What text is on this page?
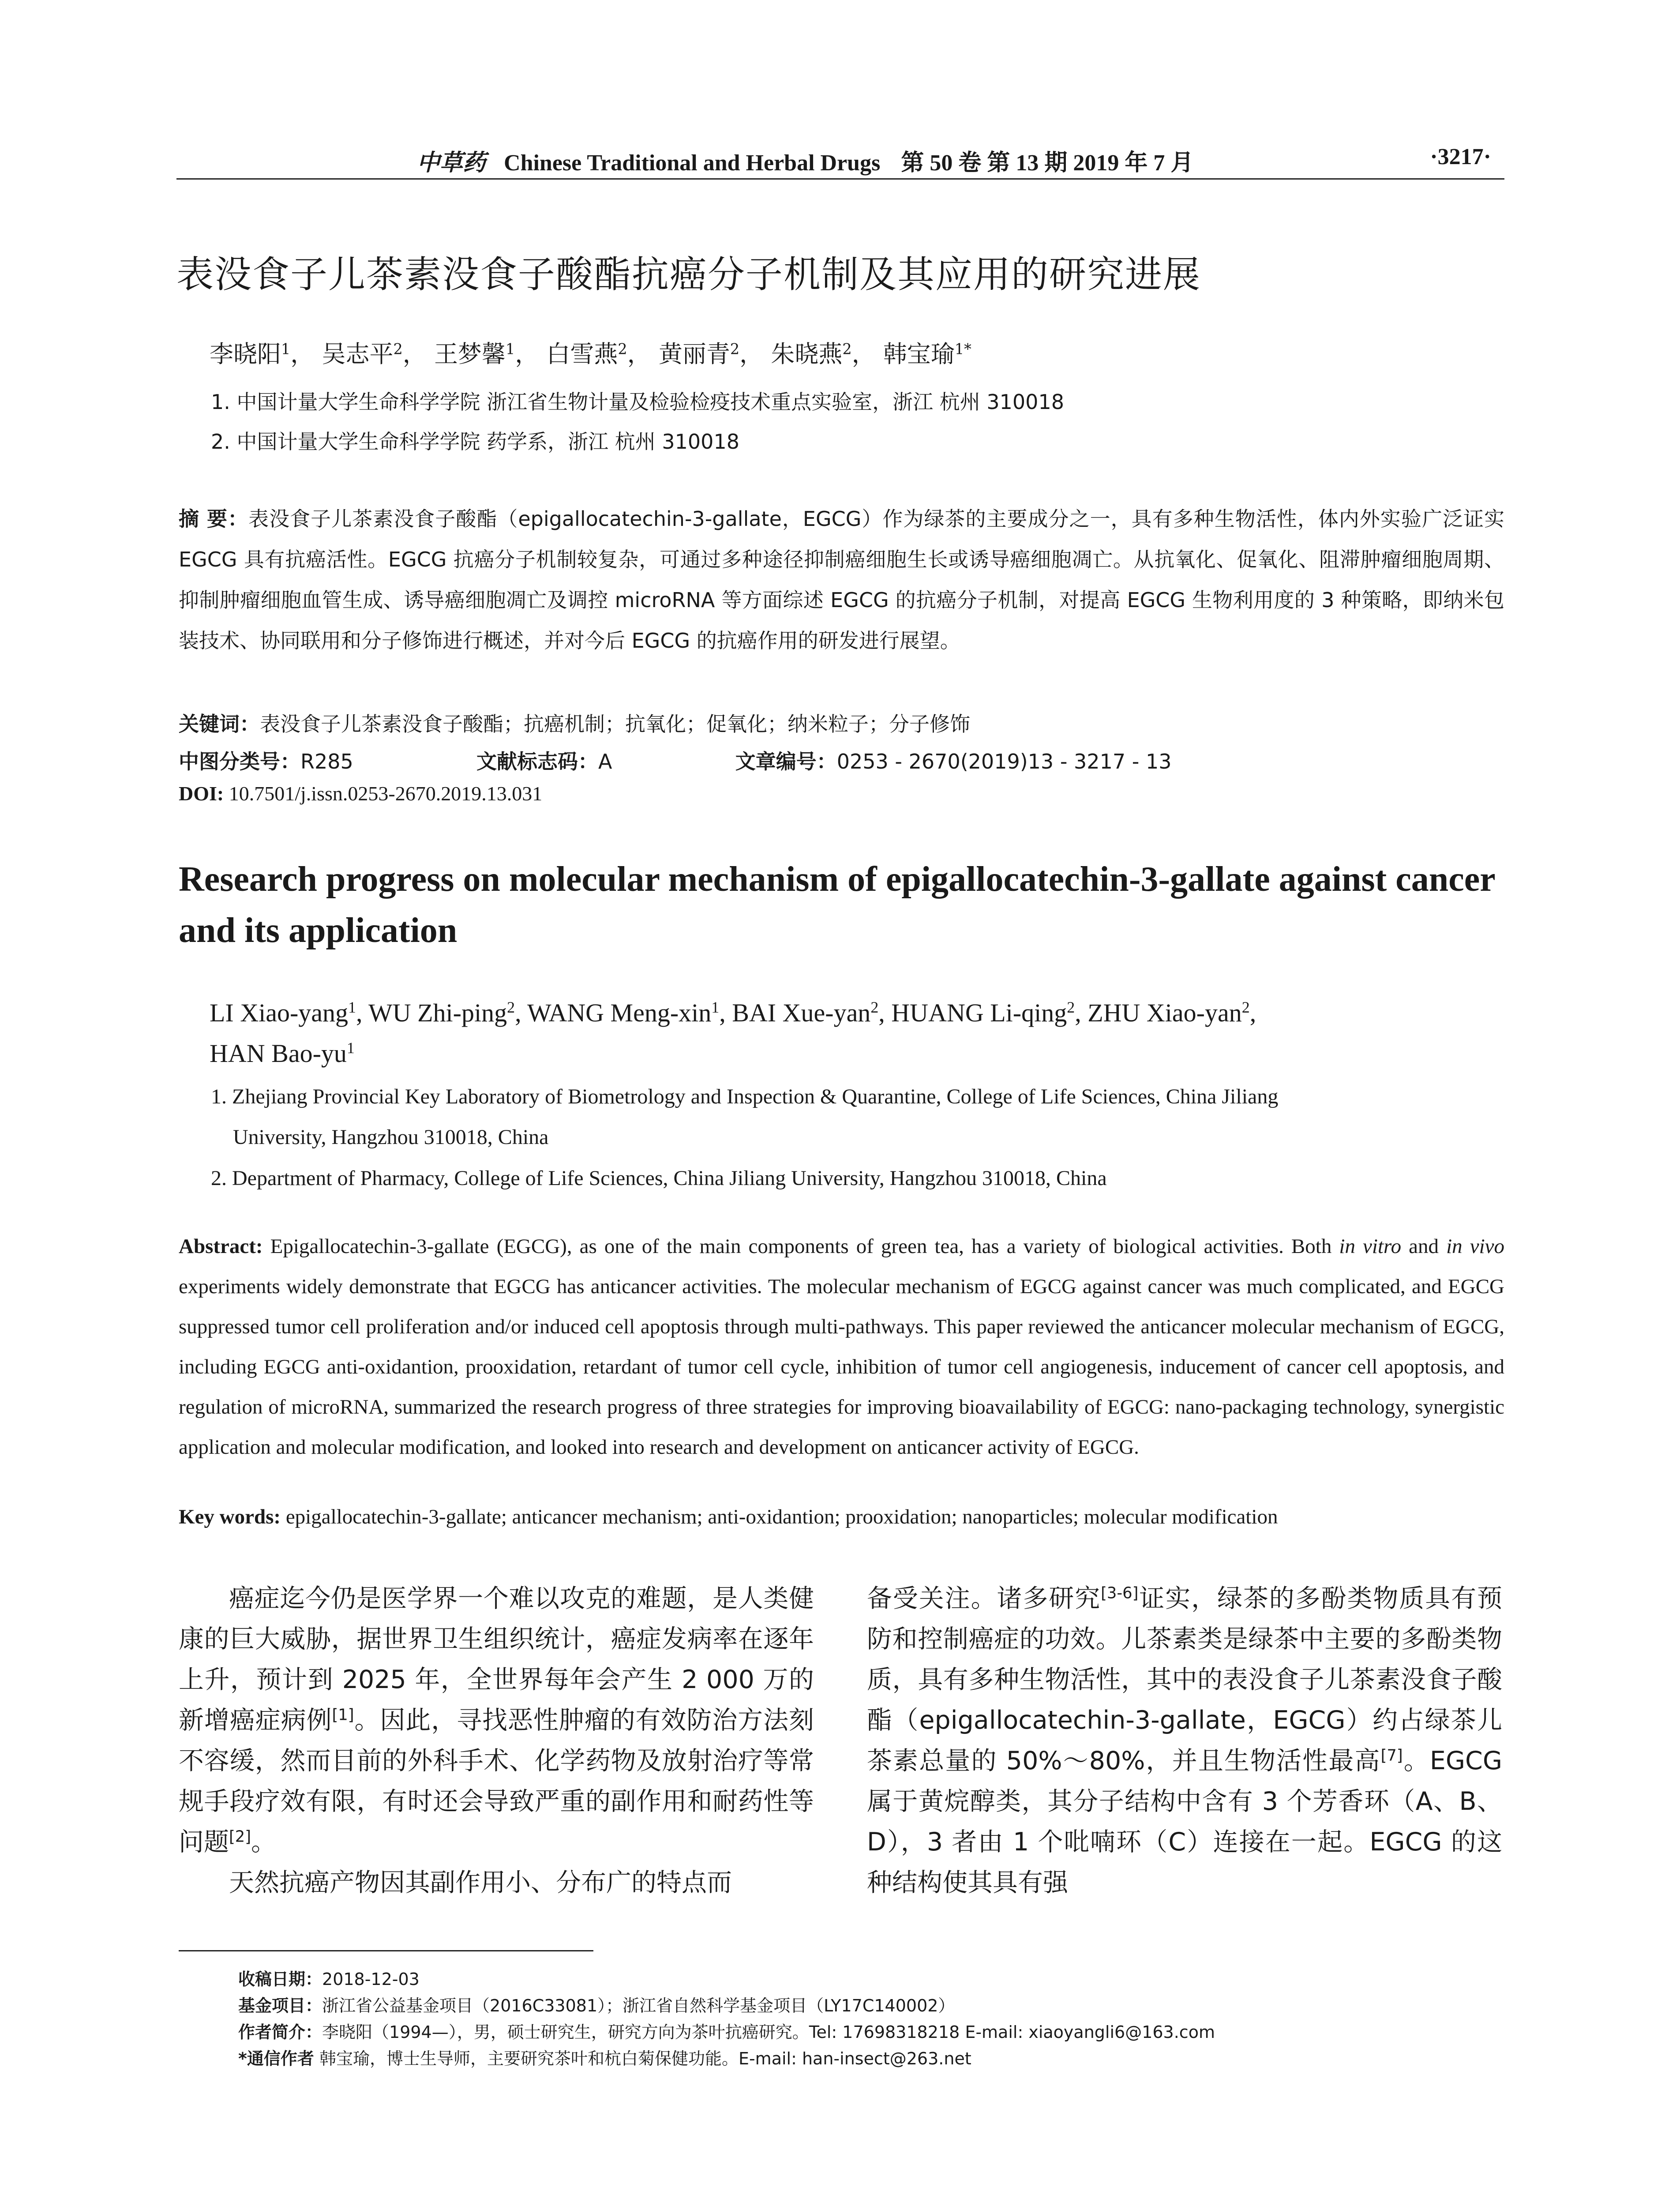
中草药 Chinese Traditional and Herbal Drugs 第 50 卷 第 13 期 2019 年 7 月	·3217·
表没食子儿茶素没食子酸酯抗癌分子机制及其应用的研究进展
李晓阳$^1$， 吴志平$^2$， 王梦馨$^1$， 白雪燕$^2$， 黄丽青$^2$， 朱晓燕$^2$， 韩宝瑜$^{1*}$
1. 中国计量大学生命科学学院 浙江省生物计量及检验检疫技术重点实验室，浙江 杭州 310018
2. 中国计量大学生命科学学院 药学系，浙江 杭州 310018
摘 要：表没食子儿茶素没食子酸酯（epigallocatechin-3-gallate，EGCG）作为绿茶的主要成分之一，具有多种生物活性，体内外实验广泛证实 EGCG 具有抗癌活性。EGCG 抗癌分子机制较复杂，可通过多种途径抑制癌细胞生长或诱导癌细胞凋亡。从抗氧化、促氧化、阻滞肿瘤细胞周期、抑制肿瘤细胞血管生成、诱导癌细胞凋亡及调控 microRNA 等方面综述 EGCG 的抗癌分子机制，对提高 EGCG 生物利用度的 3 种策略，即纳米包装技术、协同联用和分子修饰进行概述，并对今后 EGCG 的抗癌作用的研发进行展望。
关键词：表没食子儿茶素没食子酸酯；抗癌机制；抗氧化；促氧化；纳米粒子；分子修饰
中图分类号：R285	文献标志码：A	文章编号：0253 - 2670(2019)13 - 3217 - 13
DOI: 10.7501/j.issn.0253-2670.2019.13.031
Research progress on molecular mechanism of epigallocatechin-3-gallate against cancer and its application
LI Xiao-yang$^1$, WU Zhi-ping$^2$, WANG Meng-xin$^1$, BAI Xue-yan$^2$, HUANG Li-qing$^2$, ZHU Xiao-yan$^2$,
HAN Bao-$yu^1$
1. Zhejiang Provincial Key Laboratory of Biometrology and Inspection & Quarantine, College of Life Sciences, China Jiliang
University, Hangzhou 310018, China
2. Department of Pharmacy, College of Life Sciences, China Jiliang University, Hangzhou 310018, China
Abstract: Epigallocatechin-3-gallate (EGCG), as one of the main components of green tea, has a variety of biological activities. Both in vitro and in vivo experiments widely demonstrate that EGCG has anticancer activities. The molecular mechanism of EGCG against cancer was much complicated, and EGCG suppressed tumor cell proliferation and/or induced cell apoptosis through multi-pathways. This paper reviewed the anticancer molecular mechanism of EGCG, including EGCG anti-oxidantion, prooxidation, retardant of tumor cell cycle, inhibition of tumor cell angiogenesis, inducement of cancer cell apoptosis, and regulation of microRNA, summarized the research progress of three strategies for improving bioavailability of EGCG: nano-packaging technology, synergistic application and molecular modification, and looked into research and development on anticancer activity of EGCG.
Key words: epigallocatechin-3-gallate; anticancer mechanism; anti-oxidantion; prooxidation; nanoparticles; molecular modification

癌症迄今仍是医学界一个难以攻克的难题，是人类健康的巨大威胁，据世界卫生组织统计，癌症发病率在逐年上升，预计到 2025 年，全世界每年会产生 2 000 万的新增癌症病例[1]。因此，寻找恶性肿瘤的有效防治方法刻不容缓，然而目前的外科手术、化学药物及放射治疗等常规手段疗效有限，有时还会导致严重的副作用和耐药性等问题[2]。

天然抗癌产物因其副作用小、分布广的特点而

备受关注。诸多研究[3-6]证实，绿茶的多酚类物质具有预防和控制癌症的功效。儿茶素类是绿茶中主要的多酚类物质，具有多种生物活性，其中的表没食子儿茶素没食子酸酯（epigallocatechin-3-gallate，EGCG）约占绿茶儿茶素总量的 50%～80%，并且生物活性最高[7]。EGCG 属于黄烷醇类，其分子结构中含有 3 个芳香环（A、B、D），3 者由 1 个吡喃环（C）连接在一起。EGCG 的这种结构使其具有强

收稿日期：2018-12-03
基金项目：浙江省公益基金项目（2016C33081）；浙江省自然科学基金项目（LY17C140002）
作者简介：李晓阳（1994—），男，硕士研究生，研究方向为茶叶抗癌研究。Tel: 17698318218 E-mail: xiaoyangli6@163.com
*通信作者 韩宝瑜，博士生导师，主要研究茶叶和杭白菊保健功能。E-mail: han-insect@263.net
